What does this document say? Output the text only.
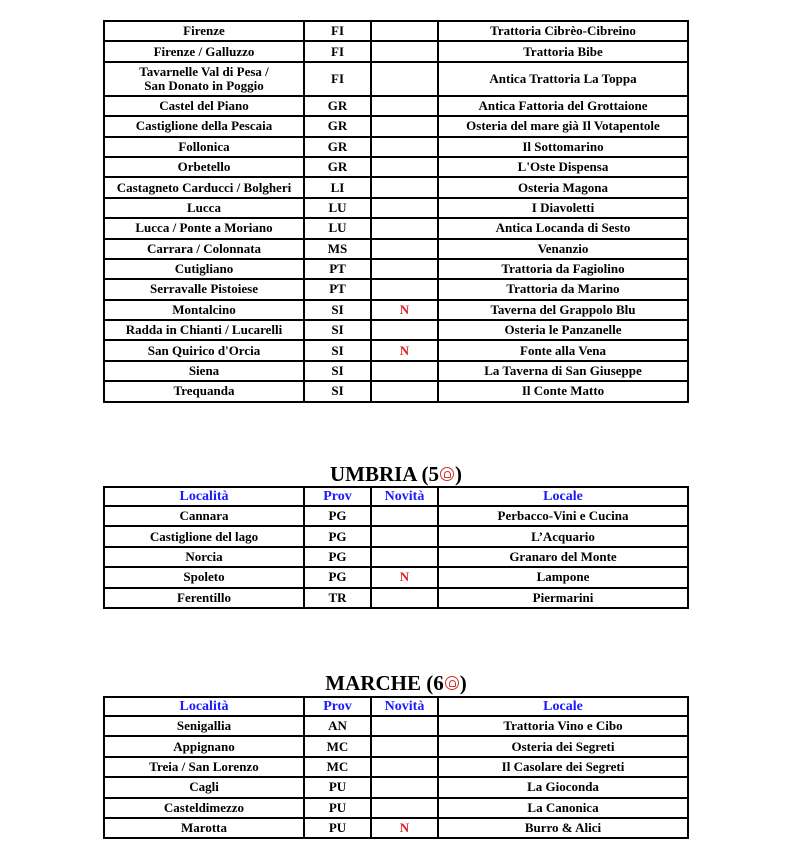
Firenze	FI		Trattoria Cibrèo-Cibreino
Firenze / Galluzzo	FI		Trattoria Bibe
Tavarnelle Val di Pesa /
San Donato in Poggio	FI		Antica Trattoria La Toppa
Castel del Piano	GR		Antica Fattoria del Grottaione
Castiglione della Pescaia	GR		Osteria del mare già Il Votapentole
Follonica	GR		Il Sottomarino
Orbetello	GR		L'Oste Dispensa
Castagneto Carducci / Bolgheri	LI		Osteria Magona
Lucca	LU		I Diavoletti
Lucca / Ponte a Moriano	LU		Antica Locanda di Sesto
Carrara / Colonnata	MS		Venanzio
Cutigliano	PT		Trattoria da Fagiolino
Serravalle Pistoiese	PT		Trattoria da Marino
Montalcino	SI	N	Taverna del Grappolo Blu
Radda in Chianti / Lucarelli	SI		Osteria le Panzanelle
San Quirico d'Orcia	SI	N	Fonte alla Vena
Siena	SI		La Taverna di San Giuseppe
Trequanda	SI		Il Conte Matto
UMBRIA (5 )
Località	Prov	Novità	Locale
Cannara	PG		Perbacco-Vini e Cucina
Castiglione del lago	PG		L’Acquario
Norcia	PG		Granaro del Monte
Spoleto	PG	N	Lampone
Ferentillo	TR		Piermarini
MARCHE (6 )
Località	Prov	Novità	Locale
Senigallia	AN		Trattoria Vino e Cibo
Appignano	MC		Osteria dei Segreti
Treia / San Lorenzo	MC		Il Casolare dei Segreti
Cagli	PU		La Gioconda
Casteldimezzo	PU		La Canonica
Marotta	PU	N	Burro & Alici
